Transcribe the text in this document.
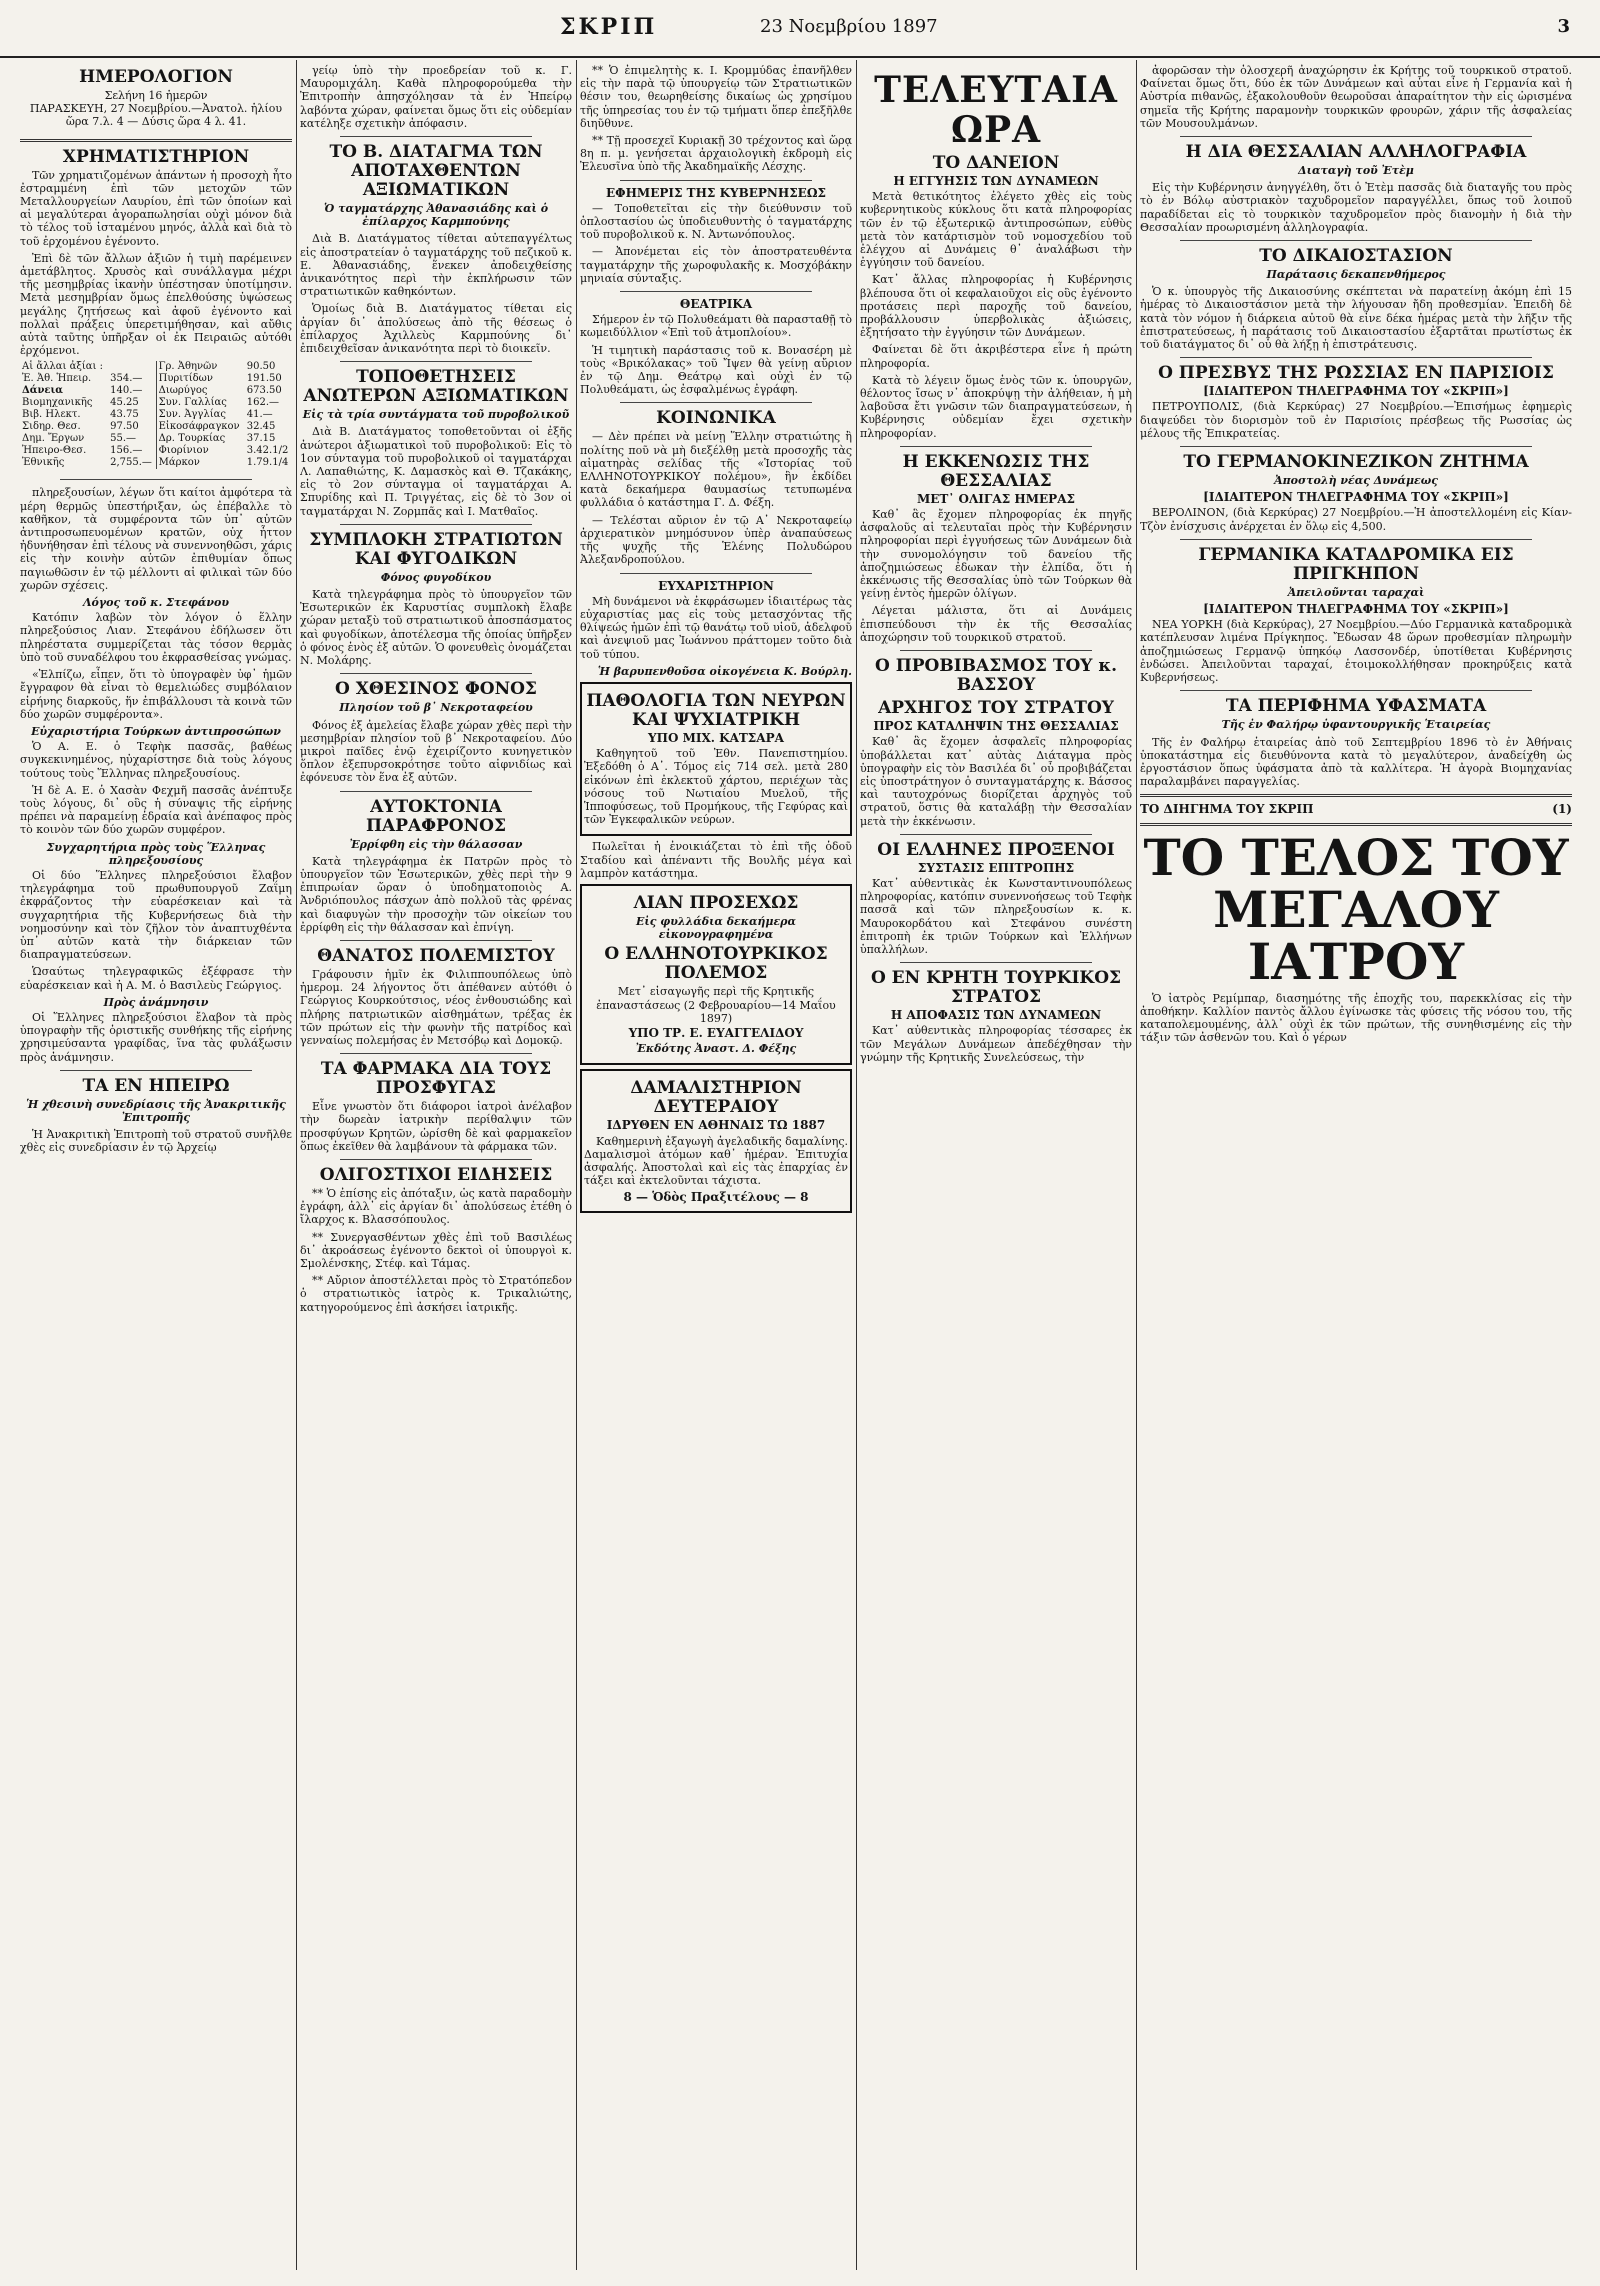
ΣΚΡΙΠ	23 Νοεμβρίου 1897	3
ΗΜΕΡΟΛΟΓΙΟΝ
Σελήνη 16 ἡμερῶν
ΠΑΡΑΣΚΕΥΗ, 27 Νοεμβρίου.—Ἀνατολ. ἡλίου ὥρα 7.λ. 4 — Δύσις ὥρα 4 λ. 41.
ΧΡΗΜΑΤΙΣΤΗΡΙΟΝ

Τῶν χρηματιζομένων ἁπάντων ἡ προσοχὴ ἦτο ἐστραμμένη ἐπὶ τῶν μετοχῶν τῶν Μεταλλουργείων Λαυρίου, ἐπὶ τῶν ὁποίων καὶ αἱ μεγαλύτεραι ἀγοραπωλησίαι οὐχὶ μόνον διὰ τὸ τέλος τοῦ ἱσταμένου μηνός, ἀλλὰ καὶ διὰ τὸ τοῦ ἐρχομένου ἐγένοντο.

Ἐπὶ δὲ τῶν ἄλλων ἀξιῶν ἡ τιμὴ παρέμεινεν ἀμετάβλητος. Χρυσὸς καὶ συνάλλαγμα μέχρι τῆς μεσημβρίας ἱκανὴν ὑπέστησαν ὑποτίμησιν. Μετὰ μεσημβρίαν ὅμως ἐπελθούσης ὑψώσεως μεγάλης ζητήσεως καὶ ἀφοῦ ἐγένοντο καὶ πολλαὶ πράξεις ὑπερετιμήθησαν, καὶ αὔθις αὐτὰ ταῦτης ὑπῆρξαν οἱ ἐκ Πειραιῶς αὐτόθι ἐρχόμενοι.

Αἱ ἄλλαι ἀξίαι :		Γρ. Ἀθηνῶν	90.50
Ἐ. Ἀθ. Ἡπειρ.	354.—	Πυριτίδων	191.50
Δάνεια	140.—	Διωρύγος	673.50
Βιομηχανικῆς	45.25	Συν. Γαλλίας	162.—
Βιβ. Ηλεκτ.	43.75	Συν. Ἀγγλίας	41.—
Σιδηρ. Θεσ.	97.50	Εἰκοσάφραγκον	32.45
Δημ. Ἔργων	55.—	Δρ. Τουρκίας	37.15
Ἠπειρο-Θεσ.	156.—	Φιορίνιον	3.42.1/2
Ἐθνικῆς	2,755.—	Μάρκον	1.79.1/4

πληρεξουσίων, λέγων ὅτι καίτοι ἀμφότερα τὰ μέρη θερμῶς ὑπεστήριξαν, ὡς ἐπέβαλλε τὸ καθῆκον, τὰ συμφέροντα τῶν ὑπ᾽ αὐτῶν ἀντιπροσωπευομένων κρατῶν, οὐχ ἧττον ἠδυνήθησαν ἐπὶ τέλους νὰ συνεννοηθῶσι, χάρις εἰς τὴν κοινὴν αὐτῶν ἐπιθυμίαν ὅπως παγιωθῶσιν ἐν τῷ μέλλοντι αἱ φιλικαὶ τῶν δύο χωρῶν σχέσεις.

Λόγος τοῦ κ. Στεφάνου

Κατόπιν λαβὼν τὸν λόγον ὁ ἕλλην πληρεξούσιος Λιαν. Στεφάνου ἐδήλωσεν ὅτι πληρέστατα συμμερίζεται τὰς τόσον θερμὰς ὑπὸ τοῦ συναδέλφου του ἐκφρασθείσας γνώμας.

«Ἐλπίζω, εἶπεν, ὅτι τὸ ὑπογραφὲν ὑφ᾽ ἡμῶν ἔγγραφον θὰ εἶναι τὸ θεμελιώδες συμβόλαιον εἰρήνης διαρκοῦς, ἥν ἐπιβάλλουσι τὰ κοινὰ τῶν δύο χωρῶν συμφέροντα».

Εὐχαριστήρια Τούρκων ἀντιπροσώπων

Ὁ Α. Ε. ὁ Τεφὴκ πασσᾶς, βαθέως συγκεκινημένος, ηὐχαρίστησε διὰ τοὺς λόγους τούτους τοὺς Ἕλληνας πληρεξουσίους.

Ἡ δὲ Α. Ε. ὁ Χασὰν Φεχμῆ πασσᾶς ἀνέπτυξε τοὺς λόγους, δι᾽ οὓς ἡ σύναψις τῆς εἰρήνης πρέπει νὰ παραμείνῃ ἑδραία καὶ ἀνέπαφος πρὸς τὸ κοινὸν τῶν δύο χωρῶν συμφέρον.

Συγχαρητήρια πρὸς τοὺς Ἕλληνας πληρεξουσίους

Οἱ δύο Ἕλληνες πληρεξούσιοι ἔλαβον τηλεγράφημα τοῦ πρωθυπουργοῦ Ζαΐμη ἐκφράζοντος τὴν εὐαρέσκειαν καὶ τὰ συγχαρητήρια τῆς Κυβερνήσεως διὰ τὴν νοημοσύνην καὶ τὸν ζῆλον τὸν ἀναπτυχθέντα ὑπ᾽ αὐτῶν κατὰ τὴν διάρκειαν τῶν διαπραγματεύσεων.

Ὡσαύτως τηλεγραφικῶς ἐξέφρασε τὴν εὐαρέσκειαν καὶ ἡ Α. Μ. ὁ Βασιλεὺς Γεώργιος.

Πρὸς ἀνάμνησιν

Οἱ Ἕλληνες πληρεξούσιοι ἔλαβον τὰ πρὸς ὑπογραφὴν τῆς ὁριστικῆς συνθήκης τῆς εἰρήνης χρησιμεύσαντα γραφίδας, ἵνα τὰς φυλάξωσιν πρὸς ἀνάμνησιν.

ΤΑ ΕΝ ΗΠΕΙΡΩ
Ἡ χθεσινὴ συνεδρίασις τῆς Ἀνακριτικῆς Ἐπιτροπῆς

Ἡ Ἀνακριτικὴ Ἐπιτροπὴ τοῦ στρατοῦ συνῆλθε χθὲς εἰς συνεδρίασιν ἐν τῷ Ἀρχείῳ

γείῳ ὑπὸ τὴν προεδρείαν τοῦ κ. Γ. Μαυρομιχάλη. Καθὰ πληροφορούμεθα τὴν Ἐπιτροπὴν ἀπησχόλησαν τὰ ἐν Ἠπείρῳ λαβόντα χώραν, φαίνεται ὅμως ὅτι εἰς οὐδεμίαν κατέληξε σχετικὴν ἀπόφασιν.

ΤΟ Β. ΔΙΑΤΑΓΜΑ ΤΩΝ ΑΠΟΤΑΧΘΕΝΤΩΝ ΑΞΙΩΜΑΤΙΚΩΝ
Ὁ ταγματάρχης Ἀθανασιάδης καὶ ὁ ἐπίλαρχος Καρμπούνης

Διὰ Β. Διατάγματος τίθεται αὐτεπαγγέλτως εἰς ἀποστρατείαν ὁ ταγματάρχης τοῦ πεζικοῦ κ. Ε. Ἀθανασιάδης, ἕνεκεν ἀποδειχθείσης ἀνικανότητος περὶ τὴν ἐκπλήρωσιν τῶν στρατιωτικῶν καθηκόντων.

Ὁμοίως διὰ Β. Διατάγματος τίθεται εἰς ἀργίαν δι᾽ ἀπολύσεως ἀπὸ τῆς θέσεως ὁ ἐπίλαρχος Ἀχιλλεὺς Καρμπούνης δι᾽ ἐπιδειχθεῖσαν ἀνικανότητα περὶ τὸ διοικεῖν.

ΤΟΠΟΘΕΤΗΣΕΙΣ ΑΝΩΤΕΡΩΝ ΑΞΙΩΜΑΤΙΚΩΝ
Εἰς τὰ τρία συντάγματα τοῦ πυροβολικοῦ

Διὰ Β. Διατάγματος τοποθετοῦνται οἱ ἐξῆς ἀνώτεροι ἀξιωματικοὶ τοῦ πυροβολικοῦ: Εἰς τὸ 1ον σύνταγμα τοῦ πυροβολικοῦ οἱ ταγματάρχαι Λ. Λαπαθιώτης, Κ. Δαμασκὸς καὶ Θ. Τζακάκης, εἰς τὸ 2ον σύνταγμα οἱ ταγματάρχαι Α. Σπυρίδης καὶ Π. Τριγγέτας, εἰς δὲ τὸ 3ον οἱ ταγματάρχαι Ν. Ζορμπᾶς καὶ Ι. Ματθαῖος.

ΣΥΜΠΛΟΚΗ ΣΤΡΑΤΙΩΤΩΝ ΚΑΙ ΦΥΓΟΔΙΚΩΝ
Φόνος φυγοδίκου

Κατὰ τηλεγράφημα πρὸς τὸ ὑπουργεῖον τῶν Ἐσωτερικῶν ἐκ Καρυστίας συμπλοκὴ ἔλαβε χώραν μεταξὺ τοῦ στρατιωτικοῦ ἀποσπάσματος καὶ φυγοδίκων, ἀποτέλεσμα τῆς ὁποίας ὑπῆρξεν ὁ φόνος ἑνὸς ἐξ αὐτῶν. Ὁ φονευθεὶς ὀνομάζεται Ν. Μολάρης.

Ο ΧΘΕΣΙΝΟΣ ΦΟΝΟΣ
Πλησίον τοῦ β᾽ Νεκροταφείου

Φόνος ἐξ ἀμελείας ἔλαβε χώραν χθὲς περὶ τὴν μεσημβρίαν πλησίον τοῦ β᾽ Νεκροταφείου. Δύο μικροὶ παῖδες ἐνῷ ἐχειρίζοντο κυνηγετικὸν ὅπλον ἐξεπυρσοκρότησε τοῦτο αἰφνιδίως καὶ ἐφόνευσε τὸν ἕνα ἐξ αὐτῶν.

ΑΥΤΟΚΤΟΝΙΑ ΠΑΡΑΦΡΟΝΟΣ
Ἐρρίφθη εἰς τὴν θάλασσαν

Κατὰ τηλεγράφημα ἐκ Πατρῶν πρὸς τὸ ὑπουργεῖον τῶν Ἐσωτερικῶν, χθὲς περὶ τὴν 9 ἐπιπρωίαν ὥραν ὁ ὑποδηματοποιὸς Α. Ἀνδριόπουλος πάσχων ἀπὸ πολλοῦ τὰς φρένας καὶ διαφυγὼν τὴν προσοχὴν τῶν οἰκείων του ἐρρίφθη εἰς τὴν θάλασσαν καὶ ἐπνίγη.

ΘΑΝΑΤΟΣ ΠΟΛΕΜΙΣΤΟΥ

Γράφουσιν ἡμῖν ἐκ Φιλιππουπόλεως ὑπὸ ἡμερομ. 24 λήγοντος ὅτι ἀπέθανεν αὐτόθι ὁ Γεώργιος Κουρκούτσιος, νέος ἐνθουσιώδης καὶ πλήρης πατριωτικῶν αἰσθημάτων, τρέξας ἐκ τῶν πρώτων εἰς τὴν φωνὴν τῆς πατρίδος καὶ γενναίως πολεμήσας ἐν Μετσόβῳ καὶ Δομοκῷ.

ΤΑ ΦΑΡΜΑΚΑ ΔΙΑ ΤΟΥΣ ΠΡΟΣΦΥΓΑΣ

Εἶνε γνωστὸν ὅτι διάφοροι ἰατροὶ ἀνέλαβον τὴν δωρεὰν ἰατρικὴν περίθαλψιν τῶν προσφύγων Κρητῶν, ὡρίσθη δὲ καὶ φαρμακεῖον ὅπως ἐκεῖθεν θὰ λαμβάνουν τὰ φάρμακα τῶν.

ΟΛΙΓΟΣΤΙΧΟΙ ΕΙΔΗΣΕΙΣ

** Ὁ ἐπίσης εἰς ἀπόταξιν, ὡς κατὰ παραδομὴν ἐγράφη, ἀλλ᾽ εἰς ἀργίαν δι᾽ ἀπολύσεως ἐτέθη ὁ ἴλαρχος κ. Βλασσόπουλος.

** Συνεργασθέντων χθὲς ἐπὶ τοῦ Βασιλέως δι᾽ ἀκροάσεως ἐγένοντο δεκτοὶ οἱ ὑπουργοὶ κ. Σμολένσκης, Στέφ. καὶ Τάμας.

** Αὔριον ἀποστέλλεται πρὸς τὸ Στρατόπεδον ὁ στρατιωτικὸς ἰατρὸς κ. Τρικαλιώτης, κατηγορούμενος ἐπὶ ἀσκήσει ἰατρικῆς.

** Ὁ ἐπιμελητὴς κ. Ι. Κρομμύδας ἐπανῆλθεν εἰς τὴν παρὰ τῷ ὑπουργείῳ τῶν Στρατιωτικῶν θέσιν του, θεωρηθείσης δικαίως ὡς χρησίμου τῆς ὑπηρεσίας του ἐν τῷ τμήματι ὅπερ ἐπεξῆλθε διηῦθυνε.

** Τῇ προσεχεῖ Κυριακῇ 30 τρέχοντος καὶ ὥρᾳ 8η π. μ. γενήσεται ἀρχαιολογικὴ ἐκδρομὴ εἰς Ἐλευσῖνα ὑπὸ τῆς Ἀκαδημαϊκῆς Λέσχης.

ΕΦΗΜΕΡΙΣ ΤΗΣ ΚΥΒΕΡΝΗΣΕΩΣ

— Τοποθετεῖται εἰς τὴν διεύθυνσιν τοῦ ὁπλοστασίου ὡς ὑποδιευθυντὴς ὁ ταγματάρχης τοῦ πυροβολικοῦ κ. Ν. Ἀντωνόπουλος.

— Ἀπονέμεται εἰς τὸν ἀποστρατευθέντα ταγματάρχην τῆς χωροφυλακῆς κ. Μοσχόβάκην μηνιαία σύνταξις.

ΘΕΑΤΡΙΚΑ

Σήμερον ἐν τῷ Πολυθεάματι θὰ παρασταθῇ τὸ κωμειδύλλιον «Ἐπὶ τοῦ ἀτμοπλοίου».

Ἡ τιμητικὴ παράστασις τοῦ κ. Βονασέρη μὲ τοὺς «Βρικόλακας» τοῦ Ἴψεν θὰ γείνῃ αὔριον ἐν τῷ Δημ. Θεάτρῳ καὶ οὐχὶ ἐν τῷ Πολυθεάματι, ὡς ἐσφαλμένως ἐγράφη.

ΚΟΙΝΩΝΙΚΑ

— Δὲν πρέπει νὰ μείνῃ Ἕλλην στρατιώτης ἢ πολίτης ποῦ νὰ μὴ διεξέλθῃ μετὰ προσοχῆς τὰς αἱματηρὰς σελίδας τῆς «Ἱστορίας τοῦ ΕΛΛΗΝΟΤΟΥΡΚΙΚΟΥ πολέμου», ἣν ἐκδίδει κατὰ δεκαήμερα θαυμασίως τετυπωμένα φυλλάδια ὁ κατάστημα Γ. Δ. Φέξη.

— Τελέσται αὔριον ἐν τῷ Α᾽ Νεκροταφείῳ ἀρχιερατικὸν μνημόσυνον ὑπὲρ ἀναπαύσεως τῆς ψυχῆς τῆς Ἑλένης Πολυδώρου Ἀλεξανδροπούλου.

ΕΥΧΑΡΙΣΤΗΡΙΟΝ

Μὴ δυνάμενοι νὰ ἐκφράσωμεν ἰδιαιτέρως τὰς εὐχαριστίας μας εἰς τοὺς μετασχόντας τῆς θλίψεώς ἡμῶν ἐπὶ τῷ θανάτῳ τοῦ υἱοῦ, ἀδελφοῦ καὶ ἀνεψιοῦ μας Ἰωάννου πράττομεν τοῦτο διὰ τοῦ τύπου.

Ἡ βαρυπενθοῦσα οἰκογένεια Κ. Βούρλη.
ΠΑΘΟΛΟΓΙΑ ΤΩΝ ΝΕΥΡΩΝ ΚΑΙ ΨΥΧΙΑΤΡΙΚΗ
ΥΠΟ ΜΙΧ. ΚΑΤΣΑΡΑ

Καθηγητοῦ τοῦ Ἐθν. Πανεπιστημίου. Ἐξεδόθη ὁ Α᾽. Τόμος εἰς 714 σελ. μετὰ 280 εἰκόνων ἐπὶ ἐκλεκτοῦ χάρτου, περιέχων τὰς νόσους τοῦ Νωτιαίου Μυελοῦ, τῆς Ἱπποφύσεως, τοῦ Προμήκους, τῆς Γεφύρας καὶ τῶν Ἐγκεφαλικῶν νεύρων.

Πωλεῖται ἡ ἐνοικιάζεται τὸ ἐπὶ τῆς ὁδοῦ Σταδίου καὶ ἀπέναντι τῆς Βουλῆς μέγα καὶ λαμπρὸν κατάστημα.

ΛΙΑΝ ΠΡΟΣΕΧΩΣ
Εἰς φυλλάδια δεκαήμερα εἰκονογραφημένα
Ο ΕΛΛΗΝΟΤΟΥΡΚΙΚΟΣ ΠΟΛΕΜΟΣ
Μετ᾽ εἰσαγωγῆς περὶ τῆς Κρητικῆς ἐπαναστάσεως (2 Φεβρουαρίου—14 Μαΐου 1897)
ΥΠΟ ΤΡ. Ε. ΕΥΑΓΓΕΛΙΔΟΥ
Ἐκδότης Ἀναστ. Δ. Φέξης
ΔΑΜΑΛΙΣΤΗΡΙΟΝ ΔΕΥΤΕΡΑΙΟΥ
ΙΔΡΥΘΕΝ ΕΝ ΑΘΗΝΑΙΣ ΤΩ 1887

Καθημερινὴ ἐξαγωγὴ ἀγελαδικῆς δαμαλίνης. Δαμαλισμοὶ ἀτόμων καθ᾽ ἡμέραν. Ἐπιτυχία ἀσφαλής. Ἀποστολαὶ καὶ εἰς τὰς ἐπαρχίας ἐν τάξει καὶ ἐκτελοῦνται τάχιστα.

8 — Ὁδὸς Πραξιτέλους — 8
ΤΕΛΕΥΤΑΙΑ ΩΡΑ
ΤΟ ΔΑΝΕΙΟΝ
Η ΕΓΓΥΗΣΙΣ ΤΩΝ ΔΥΝΑΜΕΩΝ

Μετὰ θετικότητος ἐλέγετο χθὲς εἰς τοὺς κυβερνητικοὺς κύκλους ὅτι κατὰ πληροφορίας τῶν ἐν τῷ ἐξωτερικῷ ἀντιπροσώπων, εὐθὺς μετὰ τὸν κατάρτισμὸν τοῦ νομοσχεδίου τοῦ ἐλέγχου αἱ Δυνάμεις θ᾽ ἀναλάβωσι τὴν ἐγγύησιν τοῦ δανείου.

Κατ᾽ ἄλλας πληροφορίας ἡ Κυβέρνησις βλέπουσα ὅτι οἱ κεφαλαιοῦχοι εἰς οὓς ἐγένοντο προτάσεις περὶ παροχῆς τοῦ δανείου, προβάλλουσιν ὑπερβολικὰς ἀξιώσεις, ἐξητήσατο τὴν ἐγγύησιν τῶν Δυνάμεων.

Φαίνεται δὲ ὅτι ἀκριβέστερα εἶνε ἡ πρώτη πληροφορία.

Κατὰ τὸ λέγειν ὅμως ἑνὸς τῶν κ. ὑπουργῶν, θέλοντος ἴσως ν᾽ ἀποκρύψῃ τὴν ἀλήθειαν, ἡ μὴ λαβοῦσα ἔτι γνῶσιν τῶν διαπραγματεύσεων, ἡ Κυβέρνησις οὐδεμίαν ἔχει σχετικὴν πληροφορίαν.

Η ΕΚΚΕΝΩΣΙΣ ΤΗΣ ΘΕΣΣΑΛΙΑΣ
ΜΕΤ᾽ ΟΛΙΓΑΣ ΗΜΕΡΑΣ

Καθ᾽ ἃς ἔχομεν πληροφορίας ἐκ πηγῆς ἀσφαλοῦς αἱ τελευταῖαι πρὸς τὴν Κυβέρνησιν πληροφορίαι περὶ ἐγγυήσεως τῶν Δυνάμεων διὰ τὴν συνομολόγησιν τοῦ δανείου τῆς ἀποζημιώσεως ἐδωκαν τὴν ἐλπίδα, ὅτι ἡ ἐκκένωσις τῆς Θεσσαλίας ὑπὸ τῶν Τούρκων θὰ γείνῃ ἐντὸς ἡμερῶν ὀλίγων.

Λέγεται μάλιστα, ὅτι αἱ Δυνάμεις ἐπισπεύδουσι τὴν ἐκ τῆς Θεσσαλίας ἀποχώρησιν τοῦ τουρκικοῦ στρατοῦ.

Ο ΠΡΟΒΙΒΑΣΜΟΣ ΤΟΥ κ. ΒΑΣΣΟΥ
ΑΡΧΗΓΟΣ ΤΟΥ ΣΤΡΑΤΟΥ
ΠΡΟΣ ΚΑΤΑΛΗΨΙΝ ΤΗΣ ΘΕΣΣΑΛΙΑΣ

Καθ᾽ ἃς ἔχομεν ἀσφαλεῖς πληροφορίας ὑποβάλλεται κατ᾽ αὐτὰς Διάταγμα πρὸς ὑπογραφὴν εἰς τὸν Βασιλέα δι᾽ οὗ προβιβάζεται εἰς ὑποστράτηγον ὁ συνταγματάρχης κ. Βάσσος καὶ ταυτοχρόνως διορίζεται ἀρχηγὸς τοῦ στρατοῦ, ὅστις θὰ καταλάβῃ τὴν Θεσσαλίαν μετὰ τὴν ἐκκένωσιν.

ΟΙ ΕΛΛΗΝΕΣ ΠΡΟΞΕΝΟΙ
ΣΥΣΤΑΣΙΣ ΕΠΙΤΡΟΠΗΣ

Κατ᾽ αὐθεντικὰς ἐκ Κωνσταντινουπόλεως πληροφορίας, κατόπιν συνεννοήσεως τοῦ Τεφὴκ πασσᾶ καὶ τῶν πληρεξουσίων κ. κ. Μαυροκορδάτου καὶ Στεφάνου συνέστη ἐπιτροπὴ ἐκ τριῶν Τούρκων καὶ Ἑλλήνων ὑπαλλήλων.

Ο ΕΝ ΚΡΗΤΗ ΤΟΥΡΚΙΚΟΣ ΣΤΡΑΤΟΣ
Η ΑΠΟΦΑΣΙΣ ΤΩΝ ΔΥΝΑΜΕΩΝ

Κατ᾽ αὐθεντικὰς πληροφορίας τέσσαρες ἐκ τῶν Μεγάλων Δυνάμεων ἀπεδέχθησαν τὴν γνώμην τῆς Κρητικῆς Συνελεύσεως, τὴν

ἀφορῶσαν τὴν ὁλοσχερῆ ἀναχώρησιν ἐκ Κρήτης τοῦ τουρκικοῦ στρατοῦ. Φαίνεται ὅμως ὅτι, δύο ἐκ τῶν Δυνάμεων καὶ αὗται εἶνε ἡ Γερμανία καὶ ἡ Αὐστρία πιθανῶς, ἐξακολουθοῦν θεωροῦσαι ἀπαραίτητον τὴν εἰς ὡρισμένα σημεῖα τῆς Κρήτης παραμονὴν τουρκικῶν φρουρῶν, χάριν τῆς ἀσφαλείας τῶν Μουσουλμάνων.

Η ΔΙΑ ΘΕΣΣΑΛΙΑΝ ΑΛΛΗΛΟΓΡΑΦΙΑ
Διαταγὴ τοῦ Ἐτὲμ

Εἰς τὴν Κυβέρνησιν ἀνηγγέλθη, ὅτι ὁ Ἐτὲμ πασσᾶς διὰ διαταγῆς του πρὸς τὸ ἐν Βόλῳ αὐστριακὸν ταχυδρομεῖον παραγγέλλει, ὅπως τοῦ λοιποῦ παραδίδεται εἰς τὸ τουρκικὸν ταχυδρομεῖον πρὸς διανομὴν ἡ διὰ τὴν Θεσσαλίαν προωρισμένη ἀλληλογραφία.

ΤΟ ΔΙΚΑΙΟΣΤΑΣΙΟΝ
Παράτασις δεκαπενθήμερος

Ὁ κ. ὑπουργὸς τῆς Δικαιοσύνης σκέπτεται νὰ παρατείνῃ ἀκόμη ἐπὶ 15 ἡμέρας τὸ Δικαιοστάσιον μετὰ τὴν λήγουσαν ἤδη προθεσμίαν. Ἐπειδὴ δὲ κατὰ τὸν νόμον ἡ διάρκεια αὐτοῦ θὰ εἶνε δέκα ἡμέρας μετὰ τὴν λῆξιν τῆς ἐπιστρατεύσεως, ἡ παράτασις τοῦ Δικαιοστασίου ἐξαρτᾶται πρωτίστως ἐκ τοῦ διατάγματος δι᾽ οὗ θὰ λήξῃ ἡ ἐπιστράτευσις.

Ο ΠΡΕΣΒΥΣ ΤΗΣ ΡΩΣΣΙΑΣ ΕΝ ΠΑΡΙΣΙΟΙΣ
[ΙΔΙΑΙΤΕΡΟΝ ΤΗΛΕΓΡΑΦΗΜΑ ΤΟΥ «ΣΚΡΙΠ»]

ΠΕΤΡΟΥΠΟΛΙΣ, (διὰ Κερκύρας) 27 Νοεμβρίου.—Ἐπισήμως ἐφημερὶς διαψεύδει τὸν διορισμὸν τοῦ ἐν Παρισίοις πρέσβεως τῆς Ρωσσίας ὡς μέλους τῆς Ἐπικρατείας.

ΤΟ ΓΕΡΜΑΝΟΚΙΝΕΖΙΚΟΝ ΖΗΤΗΜΑ
Ἀποστολὴ νέας Δυνάμεως
[ΙΔΙΑΙΤΕΡΟΝ ΤΗΛΕΓΡΑΦΗΜΑ ΤΟΥ «ΣΚΡΙΠ»]

ΒΕΡΟΛΙΝΟΝ, (διὰ Κερκύρας) 27 Νοεμβρίου.—Ἡ ἀποστελλομένη εἰς Κίαν-Τζὸν ἐνίσχυσις ἀνέρχεται ἐν ὅλῳ εἰς 4,500.

ΓΕΡΜΑΝΙΚΑ ΚΑΤΑΔΡΟΜΙΚΑ ΕΙΣ ΠΡΙΓΚΗΠΟΝ
Ἀπειλοῦνται ταραχαὶ
[ΙΔΙΑΙΤΕΡΟΝ ΤΗΛΕΓΡΑΦΗΜΑ ΤΟΥ «ΣΚΡΙΠ»]

ΝΕΑ ΥΟΡΚΗ (διὰ Κερκύρας), 27 Νοεμβρίου.—Δύο Γερμανικὰ καταδρομικὰ κατέπλευσαν λιμένα Πρίγκηπος. Ἔδωσαν 48 ὥρων προθεσμίαν πληρωμὴν ἀποζημιώσεως Γερμανῷ ὑπηκόῳ Λασσονδέρ, ὑποτίθεται Κυβέρνησις ἐνδώσει. Ἀπειλοῦνται ταραχαί, ἑτοιμοκολλήθησαν προκηρύξεις κατὰ Κυβερνήσεως.

ΤΑ ΠΕΡΙΦΗΜΑ ΥΦΑΣΜΑΤΑ
Τῆς ἐν Φαλήρῳ ὑφαντουργικῆς Ἑταιρείας

Τῆς ἐν Φαλήρῳ ἑταιρείας ἀπὸ τοῦ Σεπτεμβρίου 1896 τὸ ἐν Ἀθήναις ὑποκατάστημα εἰς διευθύνοντα κατὰ τὸ μεγαλύτερον, ἀναδείχθη ὡς ἐργοστάσιον ὅπως ὑφάσματα ἀπὸ τὰ καλλίτερα. Ἡ ἀγορὰ Βιομηχανίας παραλαμβάνει παραγγελίας.

ΤΟ ΔΙΗΓΗΜΑ ΤΟΥ ΣΚΡΙΠ	(1)
ΤΟ ΤΕΛΟΣ ΤΟΥ ΜΕΓΑΛΟΥ ΙΑΤΡΟΥ

Ὁ ἰατρὸς Ρεμίμπαρ, διασημότης τῆς ἐποχῆς του, παρεκκλίσας εἰς τὴν ἀποθήκην. Καλλίον παντὸς ἄλλου ἐγίνωσκε τὰς φύσεις τῆς νόσου του, τῆς καταπολεμουμένης, ἀλλ᾽ οὐχὶ ἐκ τῶν πρώτων, τῆς συνηθισμένης εἰς τὴν τάξιν τῶν ἀσθενῶν του. Καὶ ὁ γέρων
